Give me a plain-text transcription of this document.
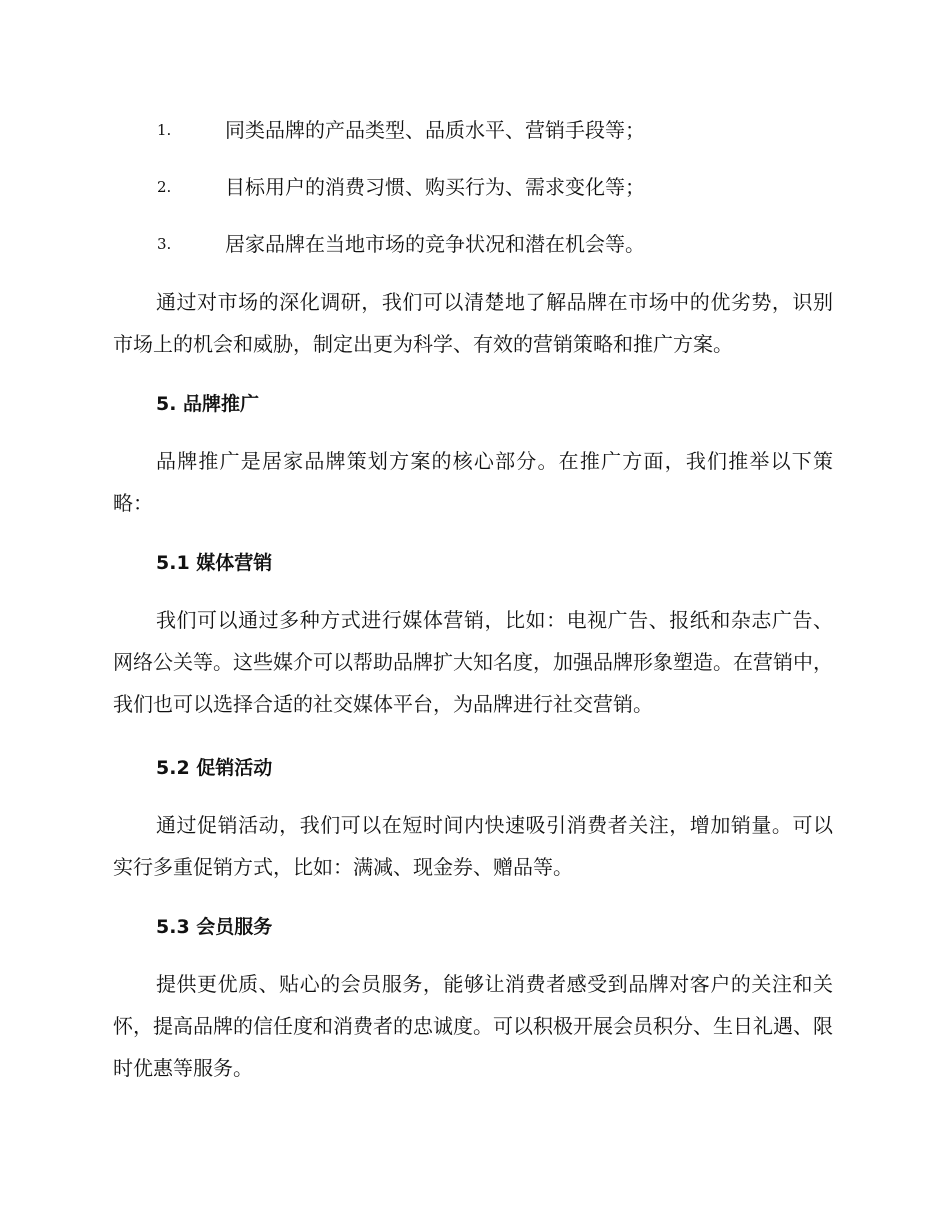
1.	同类品牌的产品类型、品质水平、营销手段等；
2.	目标用户的消费习惯、购买行为、需求变化等；
3.	居家品牌在当地市场的竞争状况和潜在机会等。

通过对市场的深化调研，我们可以清楚地了解品牌在市场中的优劣势，识别市场上的机会和威胁，制定出更为科学、有效的营销策略和推广方案。

5. 品牌推广

品牌推广是居家品牌策划方案的核心部分。在推广方面，我们推举以下策略：

5.1 媒体营销

我们可以通过多种方式进行媒体营销，比如：电视广告、报纸和杂志广告、网络公关等。这些媒介可以帮助品牌扩大知名度，加强品牌形象塑造。在营销中，我们也可以选择合适的社交媒体平台，为品牌进行社交营销。

5.2 促销活动

通过促销活动，我们可以在短时间内快速吸引消费者关注，增加销量。可以实行多重促销方式，比如：满减、现金券、赠品等。

5.3 会员服务

提供更优质、贴心的会员服务，能够让消费者感受到品牌对客户的关注和关怀，提高品牌的信任度和消费者的忠诚度。可以积极开展会员积分、生日礼遇、限时优惠等服务。
